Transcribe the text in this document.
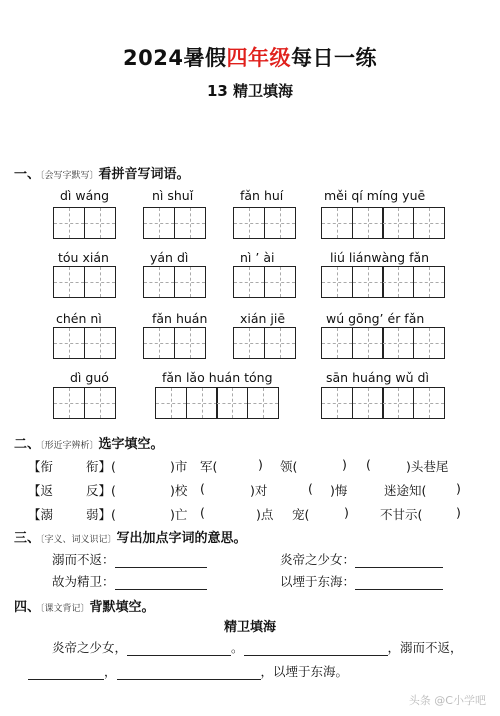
2024暑假四年级每日一练
13 精卫填海
一、〔会写字默写〕看拼音写词语。
dì wáng	nì shuǐ	fǎn huí	měi qí míng yuē
tóu xián	yán dì	nì ’ ài	liú liánwàng fǎn
chén nì	fǎn huán	xián jiē	wú gōng’ ér fǎn
dì guó	fǎn lǎo huán tóng	sān huáng wǔ dì
二、〔形近字辨析〕选字填空。
【衔	衔】(	)市 军(	) 领(	) (	)头巷尾
【返	反】(	)校 (	)对	( )悔	迷途知( )
【溺	弱】(	)亡 (	)点 宠(	) 不甘示(	)
三、〔字义、词义识记〕写出加点字词的意思。
溺而不返：	炎帝之少女：
故为精卫：	以堙于东海：
四、〔课文背记〕背默填空。
精卫填海
炎帝之少女，	。	，溺而不返，
，	，以堙于东海。
头条 @C小学吧
